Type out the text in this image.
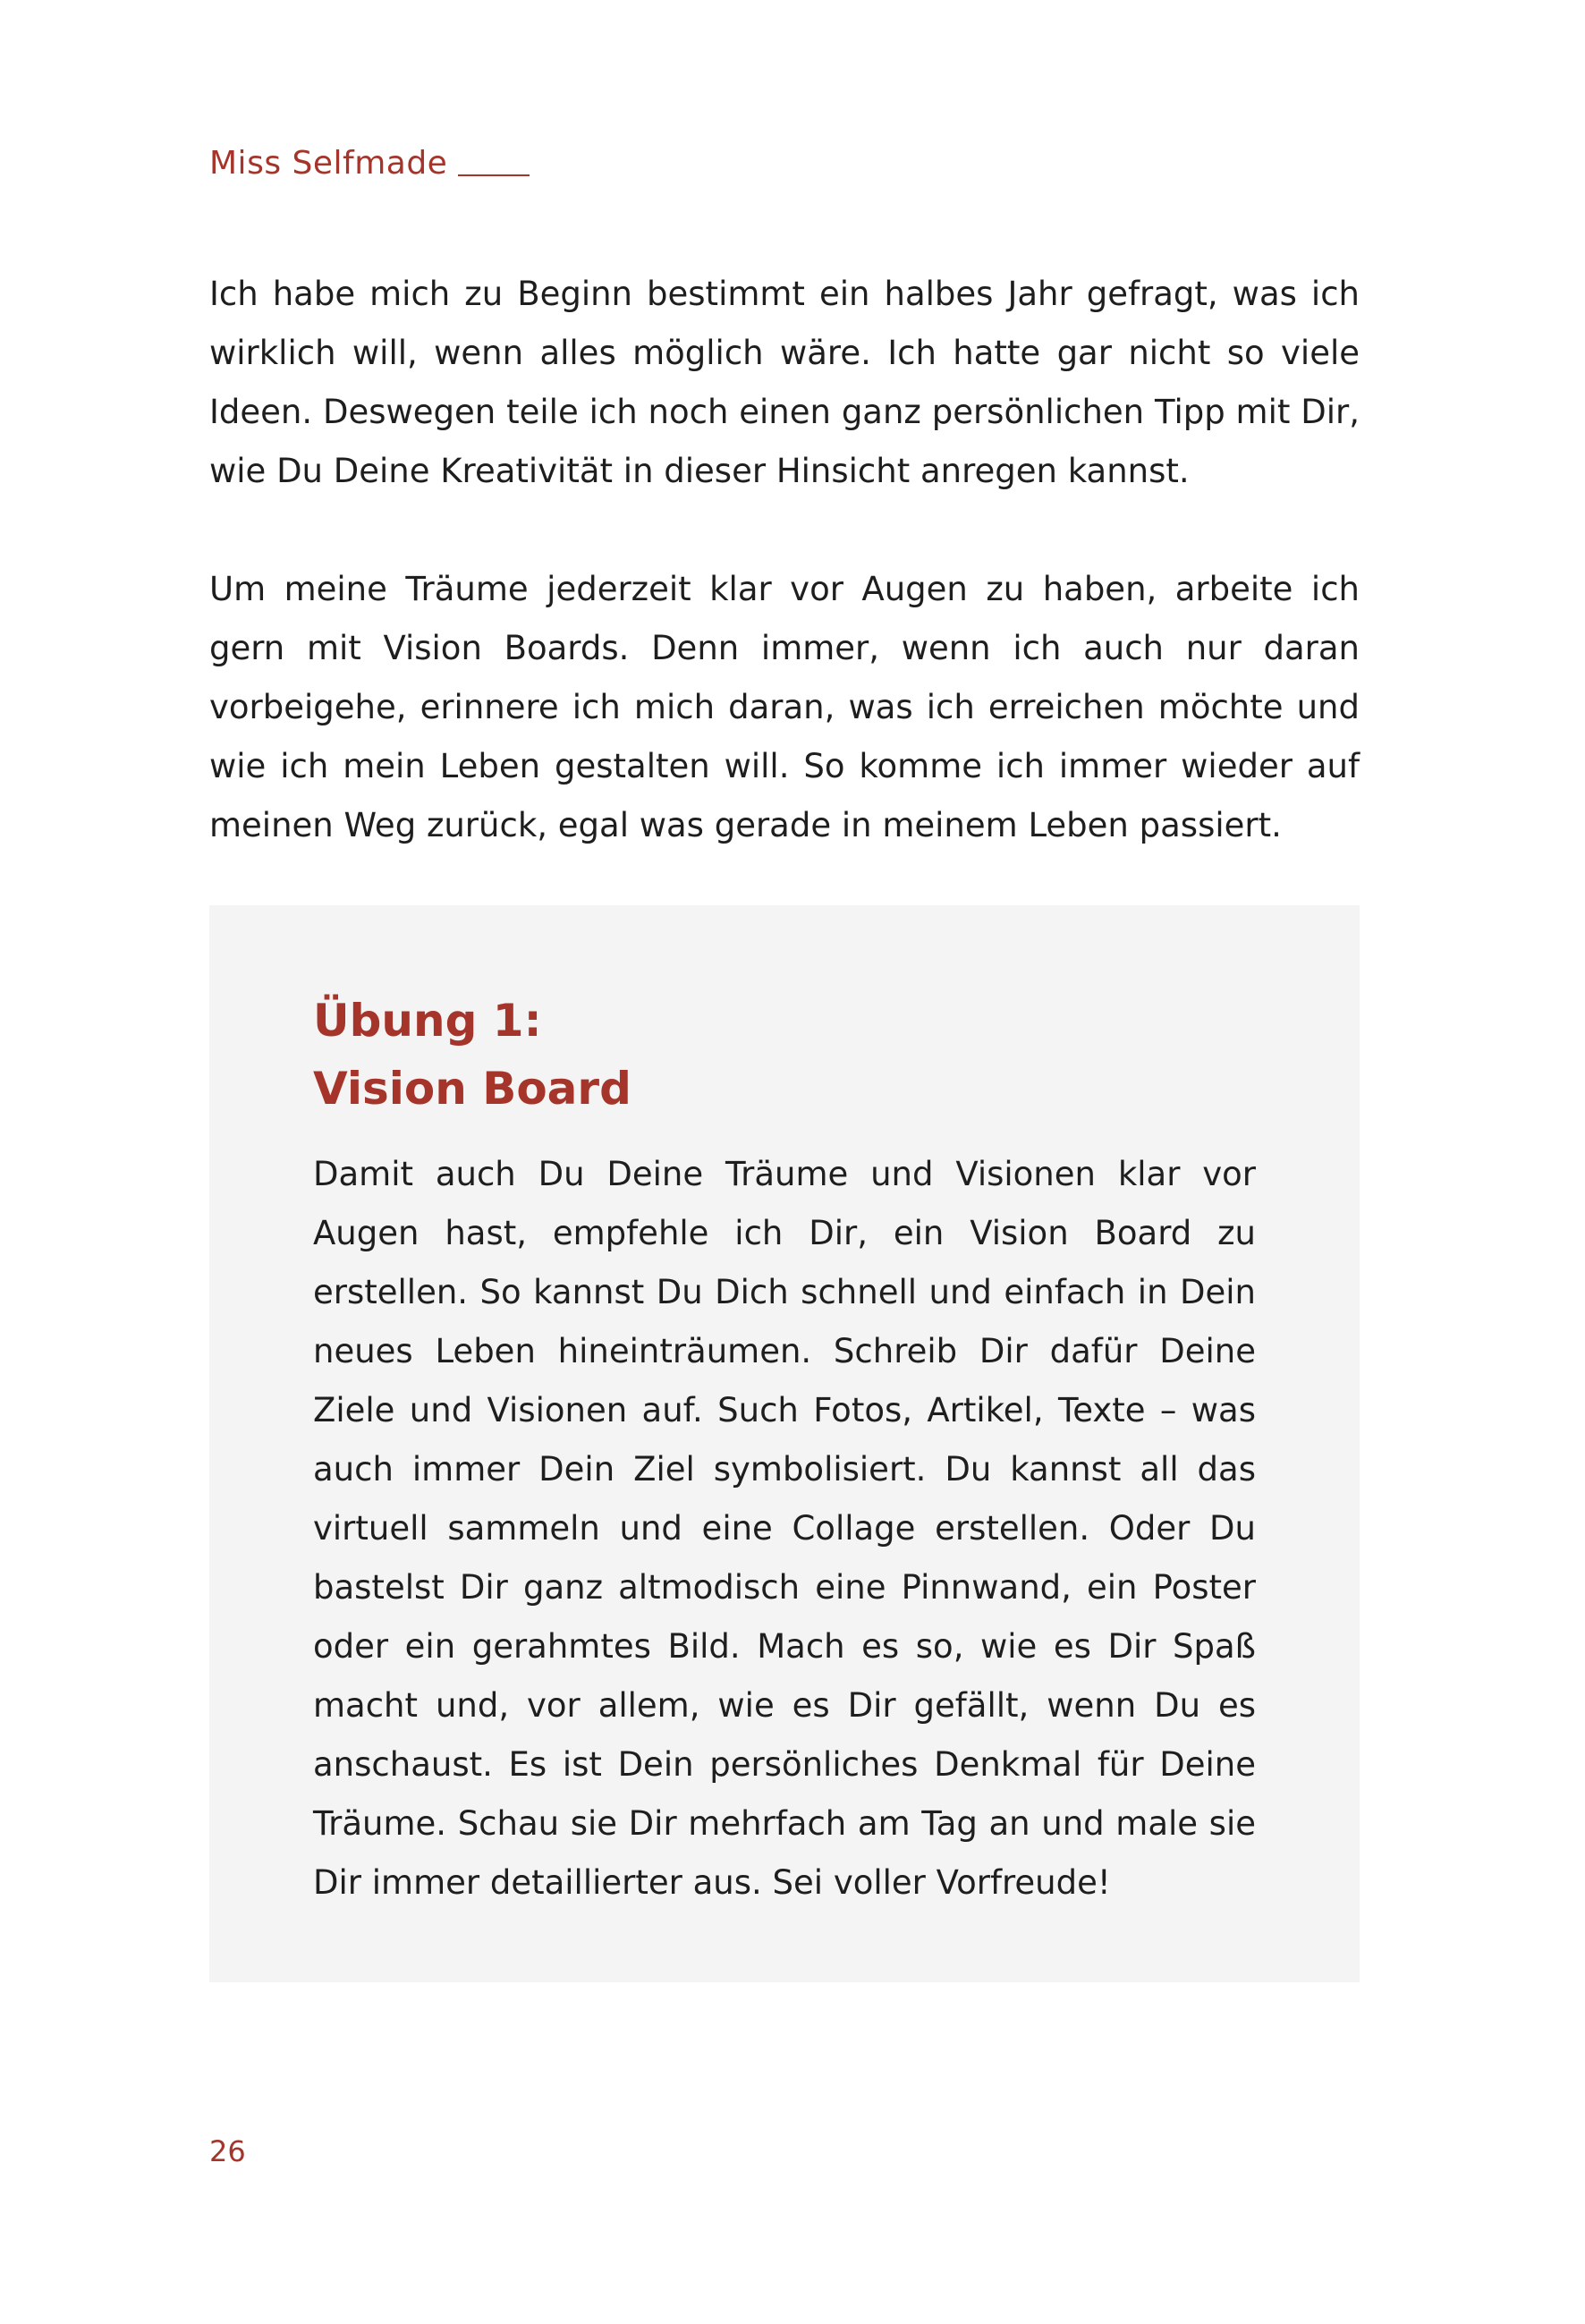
Miss Selfmade

Ich habe mich zu Beginn bestimmt ein halbes Jahr gefragt, was ich wirklich will, wenn alles möglich wäre. Ich hatte gar nicht so viele Ideen. Deswegen teile ich noch einen ganz persönlichen Tipp mit Dir, wie Du Deine Kreativität in dieser Hinsicht anregen kannst.

Um meine Träume jederzeit klar vor Augen zu haben, arbeite ich gern mit Vision Boards. Denn immer, wenn ich auch nur daran vorbeigehe, erinnere ich mich daran, was ich erreichen möchte und wie ich mein Leben gestalten will. So komme ich immer wieder auf meinen Weg zurück, egal was gerade in meinem Leben passiert.

Übung 1:
Vision Board

Damit auch Du Deine Träume und Visionen klar vor Augen hast, empfehle ich Dir, ein Vision Board zu erstellen. So kannst Du Dich schnell und einfach in Dein neues Leben hineinträumen. Schreib Dir dafür Deine Ziele und Visionen auf. Such Fotos, Artikel, Texte – was auch immer Dein Ziel symbolisiert. Du kannst all das virtuell sammeln und eine Collage erstellen. Oder Du bastelst Dir ganz altmodisch eine Pinnwand, ein Poster oder ein gerahmtes Bild. Mach es so, wie es Dir Spaß macht und, vor allem, wie es Dir gefällt, wenn Du es anschaust. Es ist Dein persönliches Denkmal für Deine Träume. Schau sie Dir mehrfach am Tag an und male sie Dir immer detaillierter aus. Sei voller Vorfreude!

26
